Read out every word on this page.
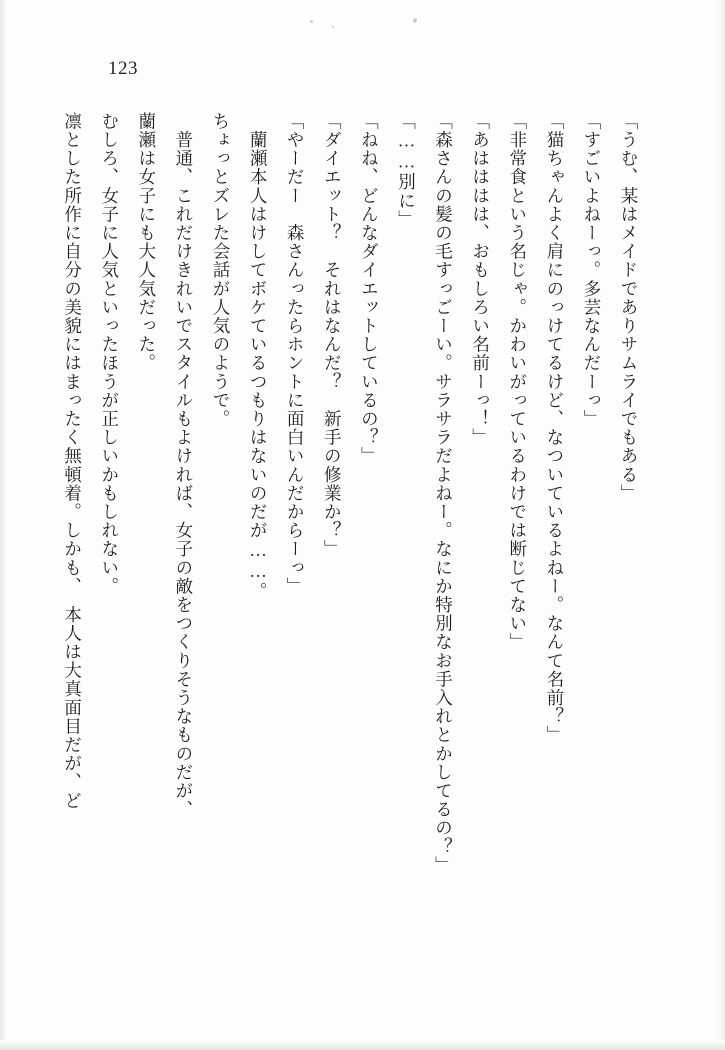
123

「うむ、某はメイドでありサムライでもある」

「すごいよねーっ。多芸なんだーっ」

「猫ちゃんよく肩にのっけてるけど、なついているよねー。なんて名前？」

「非常食という名じゃ。かわいがっているわけでは断じてない」

「あはははは、おもしろい名前ーっ！」

「森さんの髪の毛すっごーい。サラサラだよねー。なにか特別なお手入れとかしてるの？」

「……別に」

「ねね、どんなダイエットしているの？」

「ダイエット？　それはなんだ？　新手の修業か？」

「やーだー　森さんったらホントに面白いんだからーっ」

　蘭瀬本人はけしてボケているつもりはないのだが……。

ちょっとズレた会話が人気のようで。

　普通、これだけきれいでスタイルもよければ、女子の敵をつくりそうなものだが、

蘭瀬は女子にも大人気だった。

むしろ、女子に人気といったほうが正しいかもしれない。

凛とした所作に自分の美貌にはまったく無頓着。しかも、　本人は大真面目だが、ど
